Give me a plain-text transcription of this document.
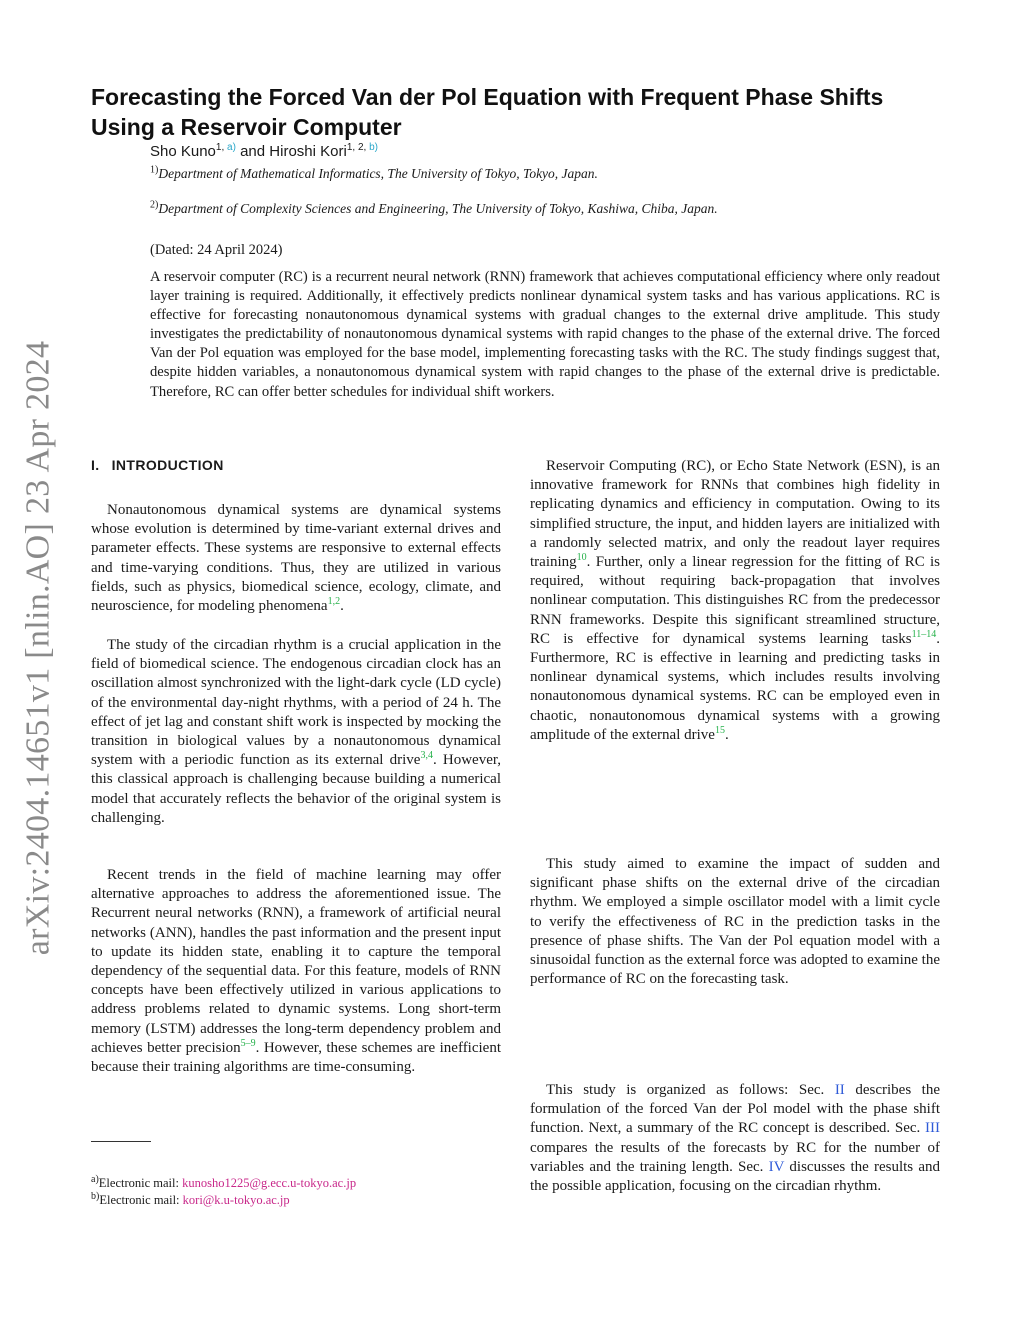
arXiv:2404.14651v1 [nlin.AO] 23 Apr 2024
Forecasting the Forced Van der Pol Equation with Frequent Phase Shifts Using a Reservoir Computer
Sho Kuno$^{1, a)}$ and Hiroshi Kori$^{1, 2, b)}$
$^{1)}$Department of Mathematical Informatics, The University of Tokyo, Tokyo, Japan.
$^{2)}$Department of Complexity Sciences and Engineering, The University of Tokyo, Kashiwa, Chiba, Japan.
(Dated: 24 April 2024)

A reservoir computer (RC) is a recurrent neural network (RNN) framework that achieves computational efficiency where only readout layer training is required. Additionally, it effectively predicts nonlinear dynamical system tasks and has various applications. RC is effective for forecasting nonautonomous dynamical systems with gradual changes to the external drive amplitude. This study investigates the predictability of nonautonomous dynamical systems with rapid changes to the phase of the external drive. The forced Van der Pol equation was employed for the base model, implementing forecasting tasks with the RC. The study findings suggest that, despite hidden variables, a nonautonomous dynamical system with rapid changes to the phase of the external drive is predictable. Therefore, RC can offer better schedules for individual shift workers.

I. INTRODUCTION

Nonautonomous dynamical systems are dynamical systems whose evolution is determined by time-variant external drives and parameter effects. These systems are responsive to external effects and time-varying conditions. Thus, they are utilized in various fields, such as physics, biomedical science, ecology, climate, and neuroscience, for modeling phenomena$^{1,2}$.

The study of the circadian rhythm is a crucial application in the field of biomedical science. The endogenous circadian clock has an oscillation almost synchronized with the light-dark cycle (LD cycle) of the environmental day-night rhythms, with a period of 24 h. The effect of jet lag and constant shift work is inspected by mocking the transition in biological values by a nonautonomous dynamical system with a periodic function as its external drive$^{3,4}$. However, this classical approach is challenging because building a numerical model that accurately reflects the behavior of the original system is challenging.

Recent trends in the field of machine learning may offer alternative approaches to address the aforementioned issue. The Recurrent neural networks (RNN), a framework of artificial neural networks (ANN), handles the past information and the present input to update its hidden state, enabling it to capture the temporal dependency of the sequential data. For this feature, models of RNN concepts have been effectively utilized in various applications to address problems related to dynamic systems. Long short-term memory (LSTM) addresses the long-term dependency problem and achieves better precision$^{5-9}$. However, these schemes are inefficient because their training algorithms are time-consuming.

Reservoir Computing (RC), or Echo State Network (ESN), is an innovative framework for RNNs that combines high fidelity in replicating dynamics and efficiency in computation. Owing to its simplified structure, the input, and hidden layers are initialized with a randomly selected matrix, and only the readout layer requires training$^{10}$. Further, only a linear regression for the fitting of RC is required, without requiring back-propagation that involves nonlinear computation. This distinguishes RC from the predecessor RNN frameworks. Despite this significant streamlined structure, RC is effective for dynamical systems learning tasks$^{11-14}$. Furthermore, RC is effective in learning and predicting tasks in nonlinear dynamical systems, which includes results involving nonautonomous dynamical systems. RC can be employed even in chaotic, nonautonomous dynamical systems with a growing amplitude of the external drive$^{15}$.

This study aimed to examine the impact of sudden and significant phase shifts on the external drive of the circadian rhythm. We employed a simple oscillator model with a limit cycle to verify the effectiveness of RC in the prediction tasks in the presence of phase shifts. The Van der Pol equation model with a sinusoidal function as the external force was adopted to examine the performance of RC on the forecasting task.

This study is organized as follows: Sec. II describes the formulation of the forced Van der Pol model with the phase shift function. Next, a summary of the RC concept is described. Sec. III compares the results of the forecasts by RC for the number of variables and the training length. Sec. IV discusses the results and the possible application, focusing on the circadian rhythm.

$^{a)}$Electronic mail: kunosho1225@g.ecc.u-tokyo.ac.jp
$^{b)}$Electronic mail: kori@k.u-tokyo.ac.jp
